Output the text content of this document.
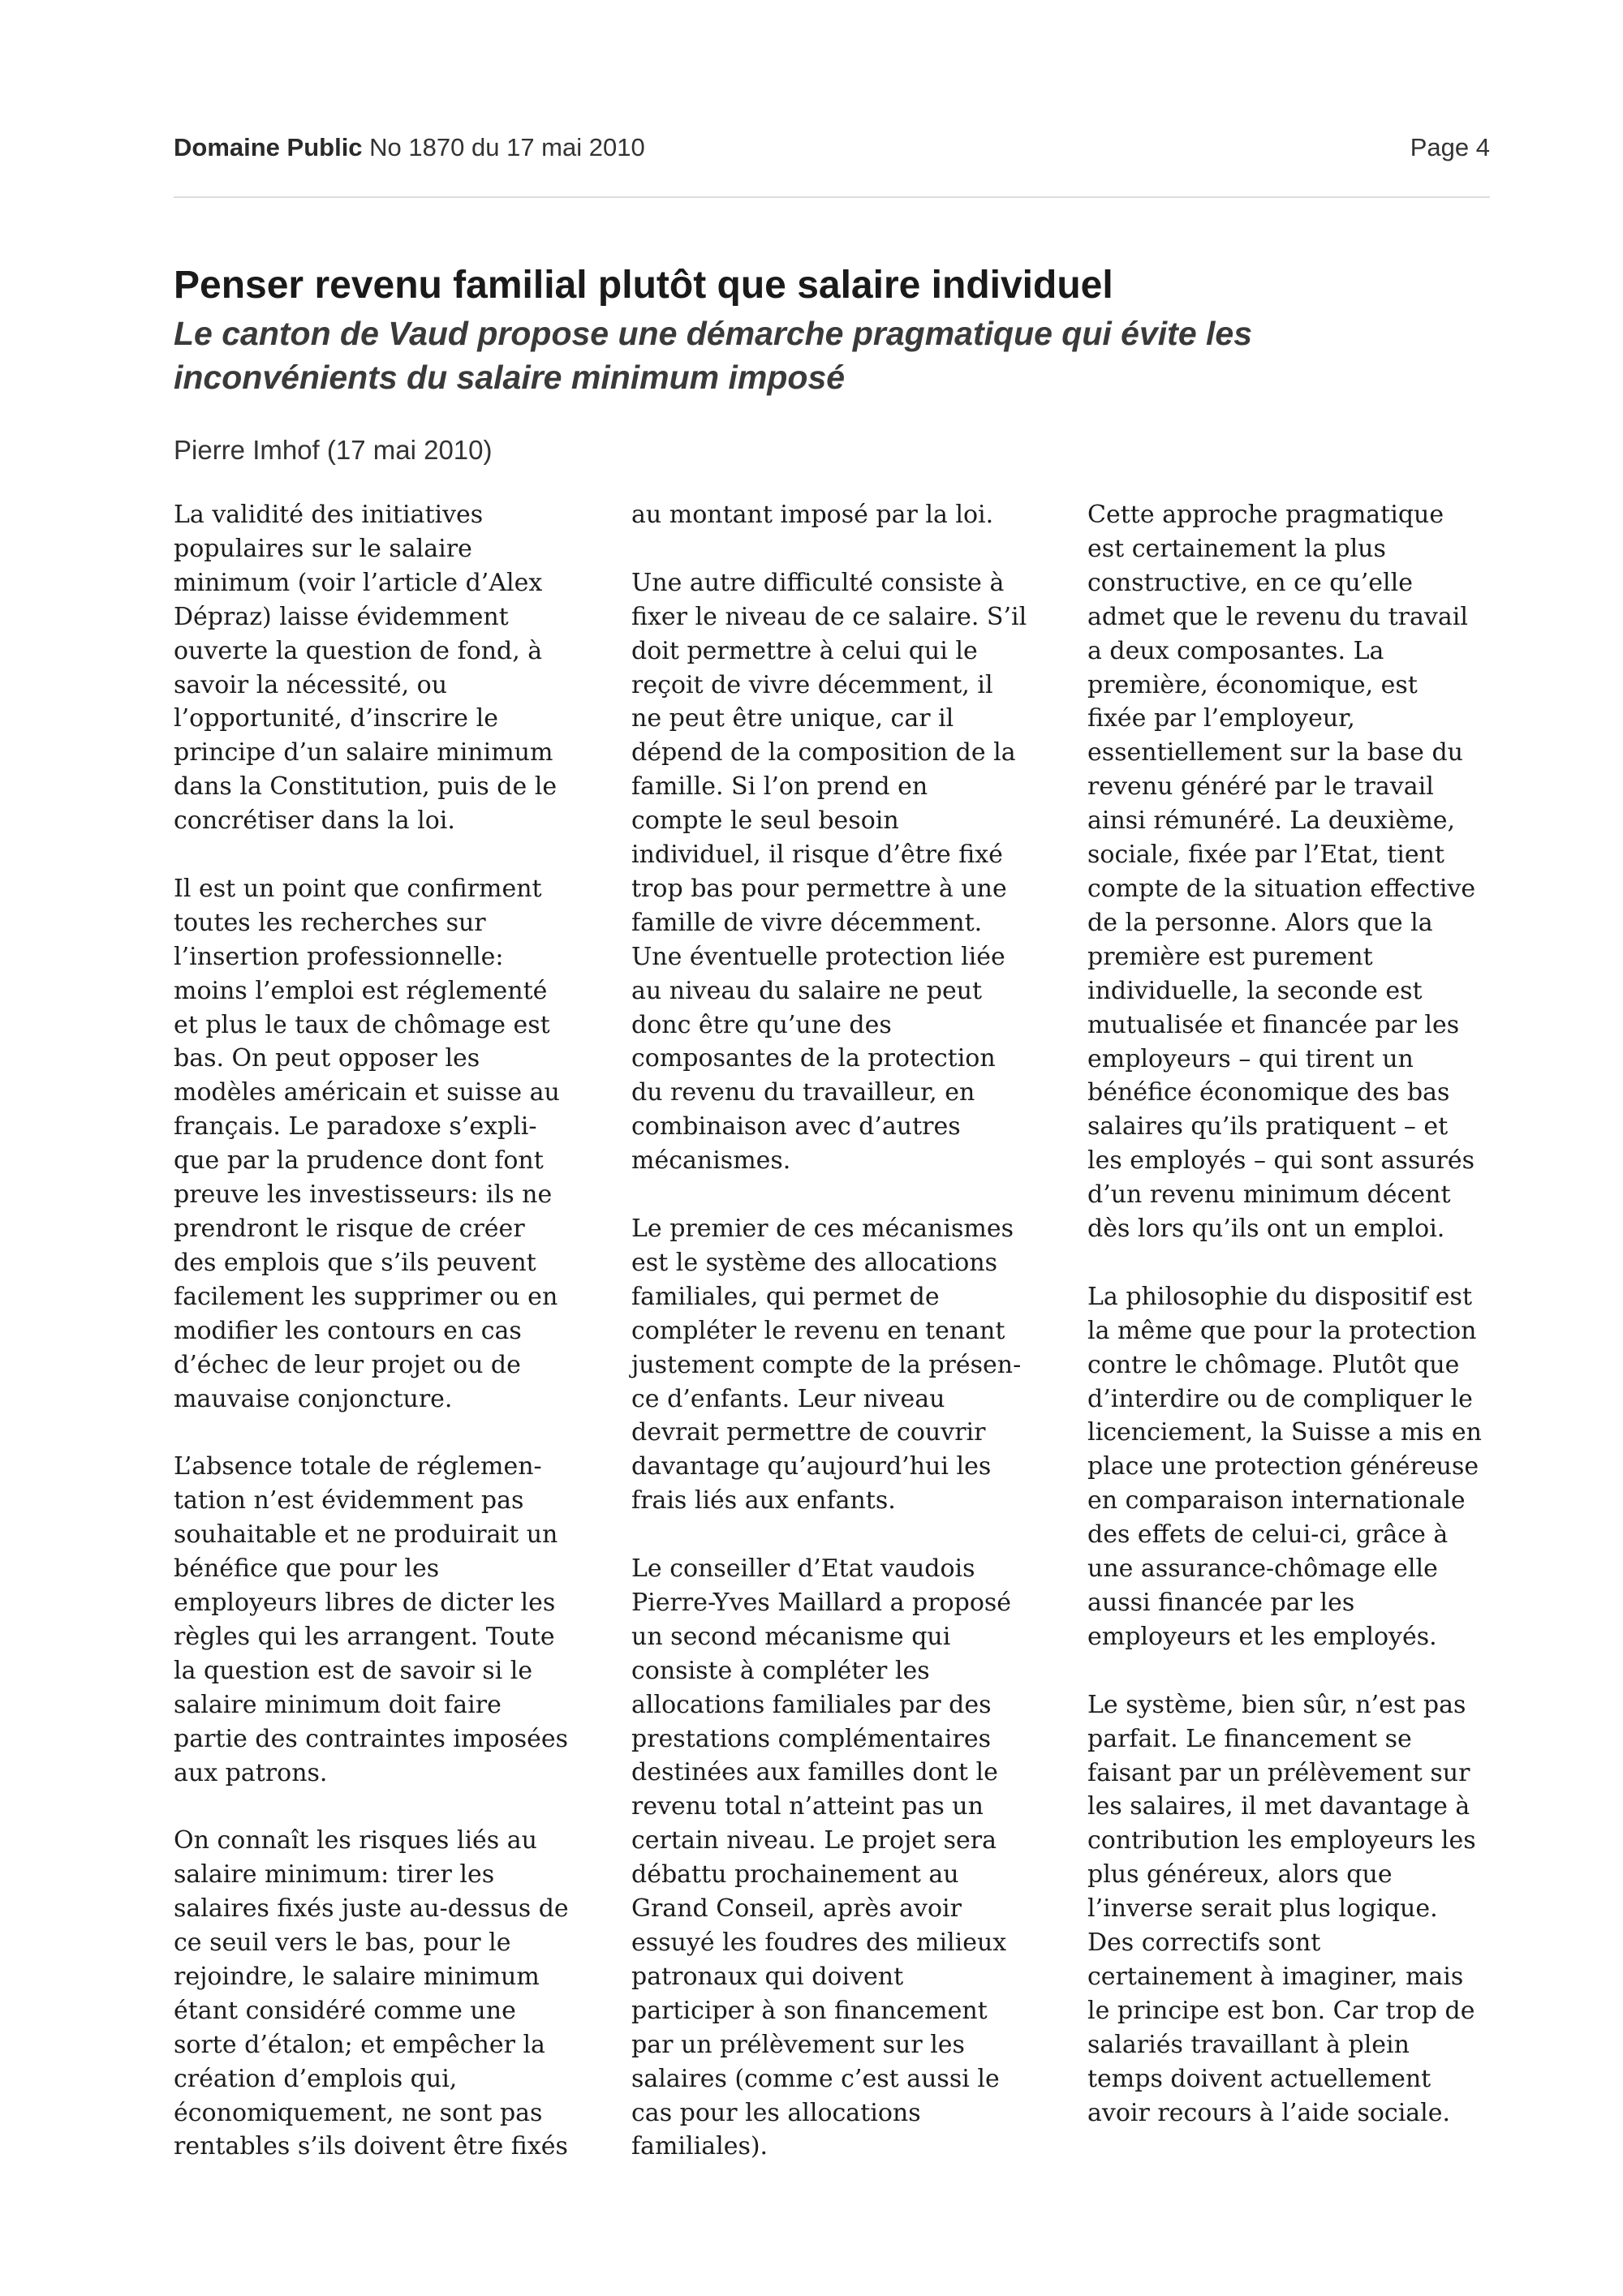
Domaine Public No 1870 du 17 mai 2010	Page 4
Penser revenu familial plutôt que salaire individuel
Le canton de Vaud propose une démarche pragmatique qui évite les
inconvénients du salaire minimum imposé
Pierre Imhof (17 mai 2010)

La validité des initiatives
populaires sur le salaire
minimum (voir l’article d’Alex
Dépraz) laisse évidemment
ouverte la question de fond, à
savoir la nécessité, ou
l’opportunité, d’inscrire le
principe d’un salaire minimum
dans la Constitution, puis de le
concrétiser dans la loi.

Il est un point que confirment
toutes les recherches sur
l’insertion professionnelle:
moins l’emploi est réglementé
et plus le taux de chômage est
bas. On peut opposer les
modèles américain et suisse au
français. Le paradoxe s’expli-
que par la prudence dont font
preuve les investisseurs: ils ne
prendront le risque de créer
des emplois que s’ils peuvent
facilement les supprimer ou en
modifier les contours en cas
d’échec de leur projet ou de
mauvaise conjoncture.

L’absence totale de réglemen-
tation n’est évidemment pas
souhaitable et ne produirait un
bénéfice que pour les
employeurs libres de dicter les
règles qui les arrangent. Toute
la question est de savoir si le
salaire minimum doit faire
partie des contraintes imposées
aux patrons.

On connaît les risques liés au
salaire minimum: tirer les
salaires fixés juste au-dessus de
ce seuil vers le bas, pour le
rejoindre, le salaire minimum
étant considéré comme une
sorte d’étalon; et empêcher la
création d’emplois qui,
économiquement, ne sont pas
rentables s’ils doivent être fixés

au montant imposé par la loi.

Une autre difficulté consiste à
fixer le niveau de ce salaire. S’il
doit permettre à celui qui le
reçoit de vivre décemment, il
ne peut être unique, car il
dépend de la composition de la
famille. Si l’on prend en
compte le seul besoin
individuel, il risque d’être fixé
trop bas pour permettre à une
famille de vivre décemment.
Une éventuelle protection liée
au niveau du salaire ne peut
donc être qu’une des
composantes de la protection
du revenu du travailleur, en
combinaison avec d’autres
mécanismes.

Le premier de ces mécanismes
est le système des allocations
familiales, qui permet de
compléter le revenu en tenant
justement compte de la présen-
ce d’enfants. Leur niveau
devrait permettre de couvrir
davantage qu’aujourd’hui les
frais liés aux enfants.

Le conseiller d’Etat vaudois
Pierre-Yves Maillard a proposé
un second mécanisme qui
consiste à compléter les
allocations familiales par des
prestations complémentaires
destinées aux familles dont le
revenu total n’atteint pas un
certain niveau. Le projet sera
débattu prochainement au
Grand Conseil, après avoir
essuyé les foudres des milieux
patronaux qui doivent
participer à son financement
par un prélèvement sur les
salaires (comme c’est aussi le
cas pour les allocations
familiales).

Cette approche pragmatique
est certainement la plus
constructive, en ce qu’elle
admet que le revenu du travail
a deux composantes. La
première, économique, est
fixée par l’employeur,
essentiellement sur la base du
revenu généré par le travail
ainsi rémunéré. La deuxième,
sociale, fixée par l’Etat, tient
compte de la situation effective
de la personne. Alors que la
première est purement
individuelle, la seconde est
mutualisée et financée par les
employeurs – qui tirent un
bénéfice économique des bas
salaires qu’ils pratiquent – et
les employés – qui sont assurés
d’un revenu minimum décent
dès lors qu’ils ont un emploi.

La philosophie du dispositif est
la même que pour la protection
contre le chômage. Plutôt que
d’interdire ou de compliquer le
licenciement, la Suisse a mis en
place une protection généreuse
en comparaison internationale
des effets de celui-ci, grâce à
une assurance-chômage elle
aussi financée par les
employeurs et les employés.

Le système, bien sûr, n’est pas
parfait. Le financement se
faisant par un prélèvement sur
les salaires, il met davantage à
contribution les employeurs les
plus généreux, alors que
l’inverse serait plus logique.
Des correctifs sont
certainement à imaginer, mais
le principe est bon. Car trop de
salariés travaillant à plein
temps doivent actuellement
avoir recours à l’aide sociale.
